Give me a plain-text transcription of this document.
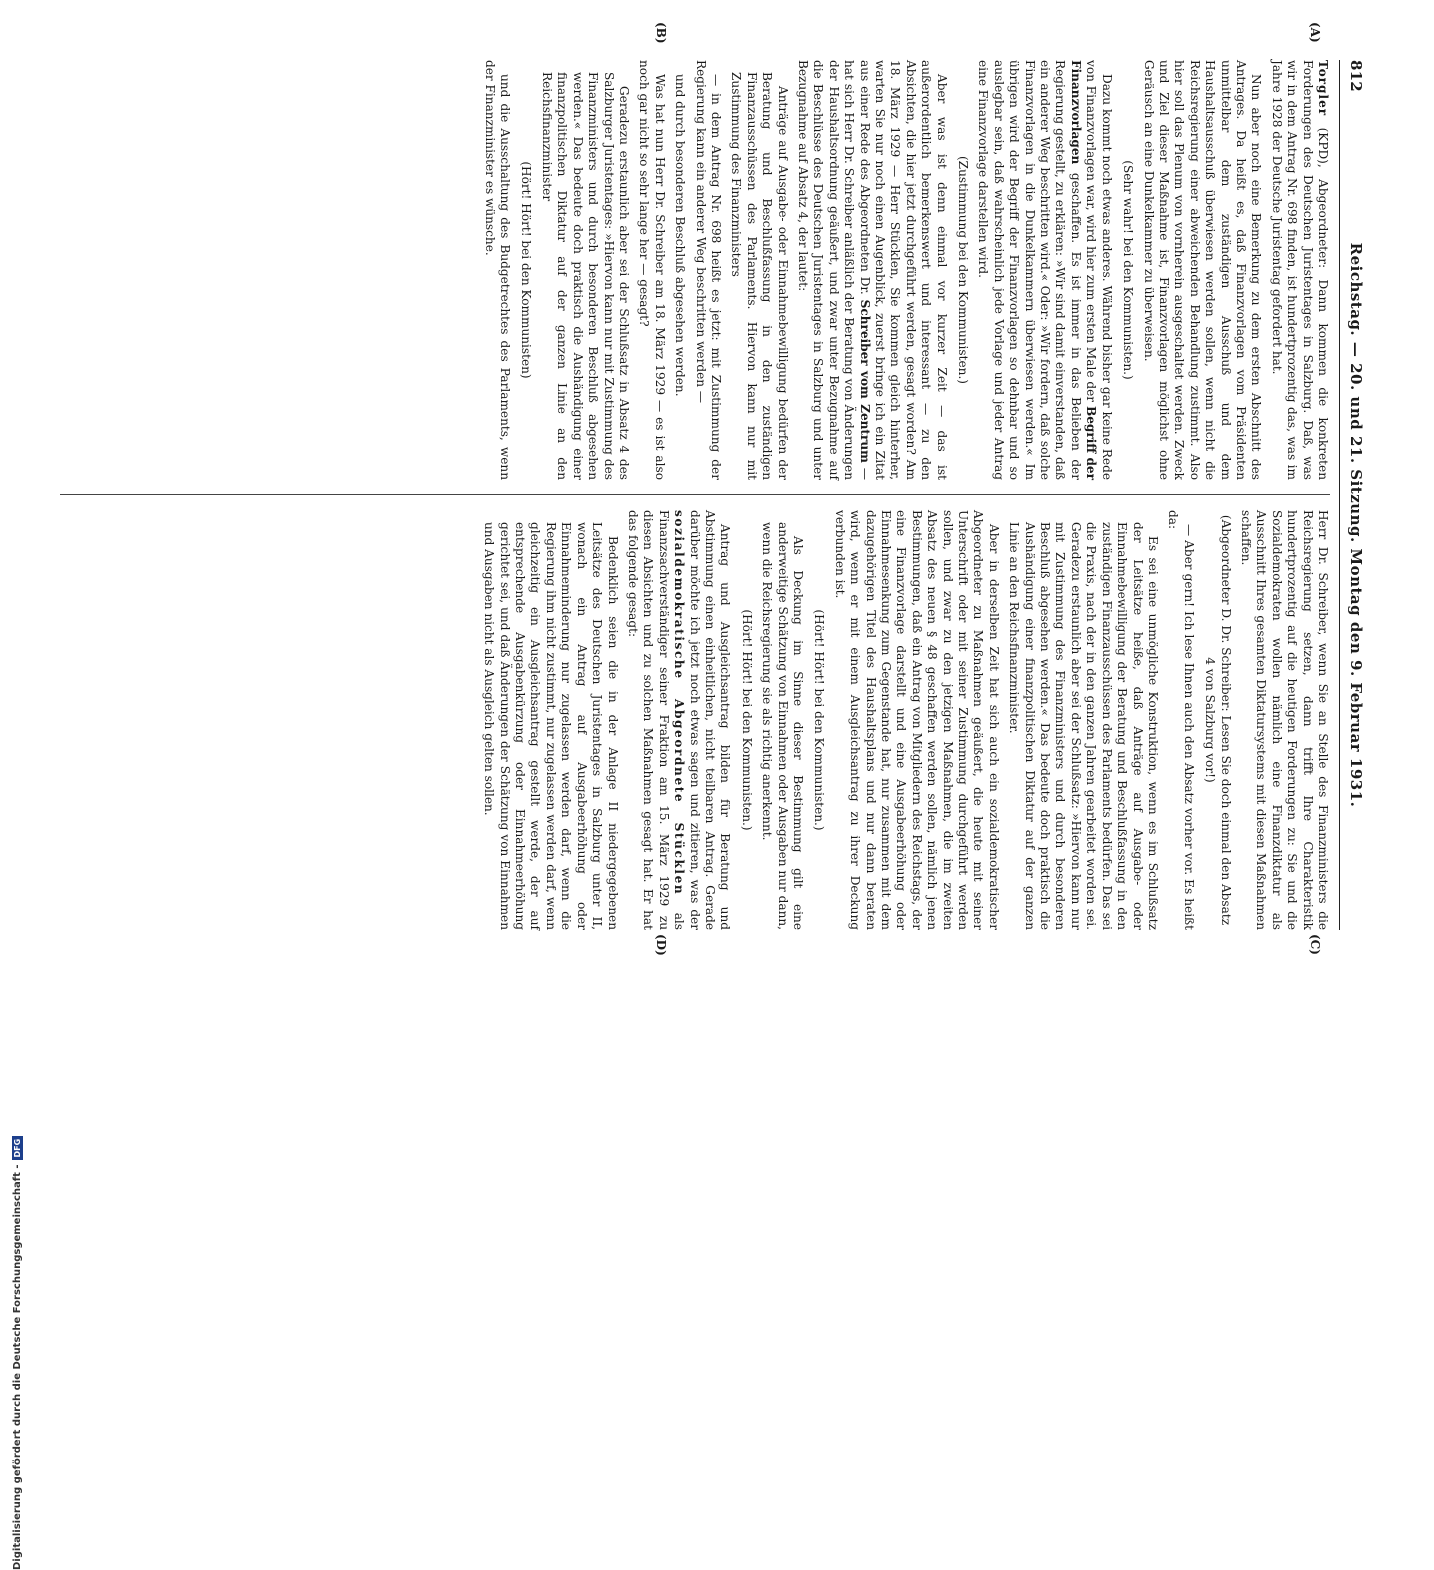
812
Reichstag. — 20. und 21. Sitzung. Montag den 9. Februar 1931.
(A)
(B)
(C)
(D)

Torgler (KPD), Abgeordneter: Dann kommen die konkreten Forderungen des Deutschen Juristentages in Salzburg. Daß, was wir in dem Antrag Nr. 698 finden, ist hundertprozentig das, was im Jahre 1928 der Deutsche Juristentag gefordert hat.

Nun aber noch eine Bemerkung zu dem ersten Abschnitt des Antrages. Da heißt es, daß Finanzvorlagen vom Präsidenten unmittelbar dem zuständigen Ausschuß und dem Haushaltsausschuß überwiesen werden sollen, wenn nicht die Reichsregierung einer abweichenden Behandlung zustimmt. Also hier soll das Plenum von vornherein ausgeschaltet werden. Zweck und Ziel dieser Maßnahme ist, Finanzvorlagen möglichst ohne Geräusch an eine Dunkelkammer zu überweisen.

(Sehr wahr! bei den Kommunisten.)

Dazu kommt noch etwas anderes. Während bisher gar keine Rede von Finanzvorlagen war, wird hier zum ersten Male der Begriff der Finanzvorlagen geschaffen. Es ist immer in das Belieben der Regierung gestellt, zu erklären: »Wir sind damit einverstanden, daß ein anderer Weg beschritten wird.« Oder: »Wir fordern, daß solche Finanzvorlagen in die Dunkelkammern überwiesen werden.« Im übrigen wird der Begriff der Finanzvorlagen so dehnbar und so auslegbar sein, daß wahrscheinlich jede Vorlage und jeder Antrag eine Finanzvorlage darstellen wird.

(Zustimmung bei den Kommunisten.)

Aber was ist denn einmal vor kurzer Zeit — das ist außerordentlich bemerkenswert und interessant — zu den Absichten, die hier jetzt durchgeführt werden, gesagt worden? Am 18. März 1929 — Herr Stücklen, Sie kommen gleich hinterher, warten Sie nur noch einen Augenblick, zuerst bringe ich ein Zitat aus einer Rede des Abgeordneten Dr. Schreiber vom Zentrum — hat sich Herr Dr. Schreiber anläßlich der Beratung von Änderungen der Haushaltsordnung geäußert, und zwar unter Bezugnahme auf die Beschlüsse des Deutschen Juristentages in Salzburg und unter Bezugnahme auf Absatz 4, der lautet:

Anträge auf Ausgabe- oder Einnahmebewilligung bedürfen der Beratung und Beschlußfassung in den zuständigen Finanzausschüssen des Parlaments. Hiervon kann nur mit Zustimmung des Finanzministers

— in dem Antrag Nr. 698 heißt es jetzt: mit Zustimmung der Regierung kann ein anderer Weg beschritten werden —

und durch besonderen Beschluß abgesehen werden.

Was hat nun Herr Dr. Schreiber am 18. März 1929 — es ist also noch gar nicht so sehr lange her — gesagt?

Geradezu erstaunlich aber sei der Schlußsatz in Absatz 4 des Salzburger Juristentages: »Hiervon kann nur mit Zustimmung des Finanzministers und durch besonderen Beschluß abgesehen werden.« Das bedeute doch praktisch die Aushändigung einer finanzpolitischen Diktatur auf der ganzen Linie an den Reichsfinanzminister

(Hört! Hört! bei den Kommunisten)

und die Ausschaltung des Budgetrechtes des Parlaments, wenn der Finanzminister es wünsche.

Herr Dr. Schreiber, wenn Sie an Stelle des Finanzministers die Reichsregierung setzen, dann trifft Ihre Charakteristik hundertprozentig auf die heutigen Forderungen zu: Sie und die Sozialdemokraten wollen nämlich eine Finanzdiktatur als Ausschnitt Ihres gesamten Diktatursystems mit diesen Maßnahmen schaffen.

(Abgeordneter D. Dr. Schreiber: Lesen Sie doch einmal den Absatz 4 von Salzburg vor!)

— Aber gern! Ich lese Ihnen auch den Absatz vorher vor. Es heißt da:

Es sei eine unmögliche Konstruktion, wenn es im Schlußsatz der Leitsätze heiße, daß Anträge auf Ausgabe- oder Einnahmebewilligung der Beratung und Beschlußfassung in den zuständigen Finanzausschüssen des Parlaments bedürfen. Das sei die Praxis, nach der in den ganzen Jahren gearbeitet worden sei. Geradezu erstaunlich aber sei der Schlußsatz: »Hiervon kann nur mit Zustimmung des Finanzministers und durch besonderen Beschluß abgesehen werden.« Das bedeute doch praktisch die Aushändigung einer finanzpolitischen Diktatur auf der ganzen Linie an den Reichsfinanzminister.

Aber in derselben Zeit hat sich auch ein sozialdemokratischer Abgeordneter zu Maßnahmen geäußert, die heute mit seiner Unterschrift oder mit seiner Zustimmung durchgeführt werden sollen, und zwar zu den jetzigen Maßnahmen, die im zweiten Absatz des neuen § 48 geschaffen werden sollen, nämlich jenen Bestimmungen, daß ein Antrag von Mitgliedern des Reichstags, der eine Finanzvorlage darstellt und eine Ausgabeerhöhung oder Einnahmesenkung zum Gegenstande hat, nur zusammen mit dem dazugehörigen Titel des Haushaltsplans und nur dann beraten wird, wenn er mit einem Ausgleichsantrag zu ihrer Deckung verbunden ist.

(Hört! Hört! bei den Kommunisten.)

Als Deckung im Sinne dieser Bestimmung gilt eine anderweitige Schätzung von Einnahmen oder Ausgaben nur dann, wenn die Reichsregierung sie als richtig anerkennt.

(Hört! Hört! bei den Kommunisten.)

Antrag und Ausgleichsantrag bilden für Beratung und Abstimmung einen einheitlichen, nicht teilbaren Antrag. Gerade darüber möchte ich jetzt noch etwas sagen und zitieren, was der sozialdemokratische Abgeordnete Stücklen als Finanzsachverständiger seiner Fraktion am 15. März 1929 zu diesen Absichten und zu solchen Maßnahmen gesagt hat. Er hat das folgende gesagt:

Bedenklich seien die in der Anlage II niedergegebenen Leitsätze des Deutschen Juristentages in Salzburg unter II, wonach ein Antrag auf Ausgabeerhöhung oder Einnahmeminderung nur zugelassen werden darf, wenn die Regierung ihm nicht zustimmt, nur zugelassen werden darf, wenn gleichzeitig ein Ausgleichsantrag gestellt werde, der auf entsprechende Ausgabenkürzung oder Einnahmeerhöhung gerichtet sei, und daß Änderungen der Schätzung von Einnahmen und Ausgaben nicht als Ausgleich gelten sollen.

Digitalisierung gefördert durch die Deutsche Forschungsgemeinschaft -DFG
